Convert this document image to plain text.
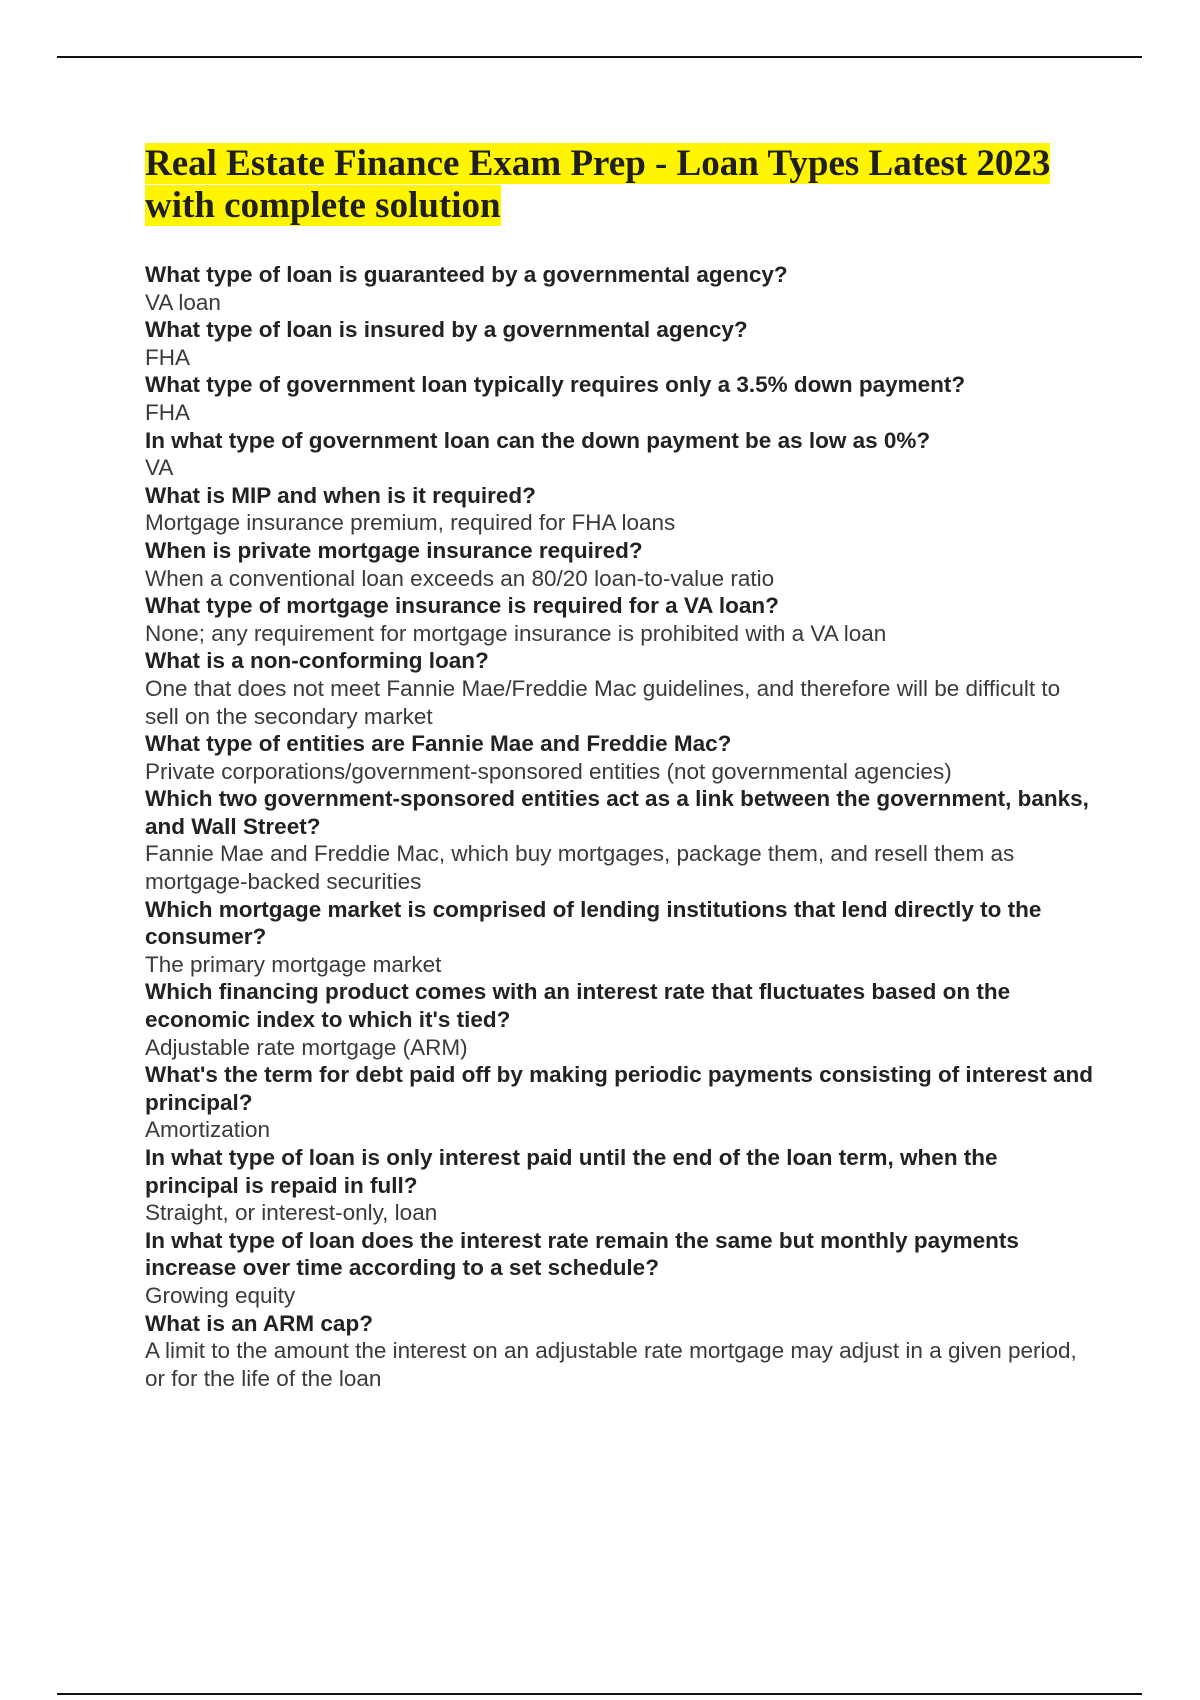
Real Estate Finance Exam Prep - Loan Types Latest 2023 with complete solution
What type of loan is guaranteed by a governmental agency?
VA loan
What type of loan is insured by a governmental agency?
FHA
What type of government loan typically requires only a 3.5% down payment?
FHA
In what type of government loan can the down payment be as low as 0%?
VA
What is MIP and when is it required?
Mortgage insurance premium, required for FHA loans
When is private mortgage insurance required?
When a conventional loan exceeds an 80/20 loan-to-value ratio
What type of mortgage insurance is required for a VA loan?
None; any requirement for mortgage insurance is prohibited with a VA loan
What is a non-conforming loan?
One that does not meet Fannie Mae/Freddie Mac guidelines, and therefore will be difficult to sell on the secondary market
What type of entities are Fannie Mae and Freddie Mac?
Private corporations/government-sponsored entities (not governmental agencies)
Which two government-sponsored entities act as a link between the government, banks, and Wall Street?
Fannie Mae and Freddie Mac, which buy mortgages, package them, and resell them as mortgage-backed securities
Which mortgage market is comprised of lending institutions that lend directly to the consumer?
The primary mortgage market
Which financing product comes with an interest rate that fluctuates based on the economic index to which it's tied?
Adjustable rate mortgage (ARM)
What's the term for debt paid off by making periodic payments consisting of interest and principal?
Amortization
In what type of loan is only interest paid until the end of the loan term, when the principal is repaid in full?
Straight, or interest-only, loan
In what type of loan does the interest rate remain the same but monthly payments increase over time according to a set schedule?
Growing equity
What is an ARM cap?
A limit to the amount the interest on an adjustable rate mortgage may adjust in a given period, or for the life of the loan
